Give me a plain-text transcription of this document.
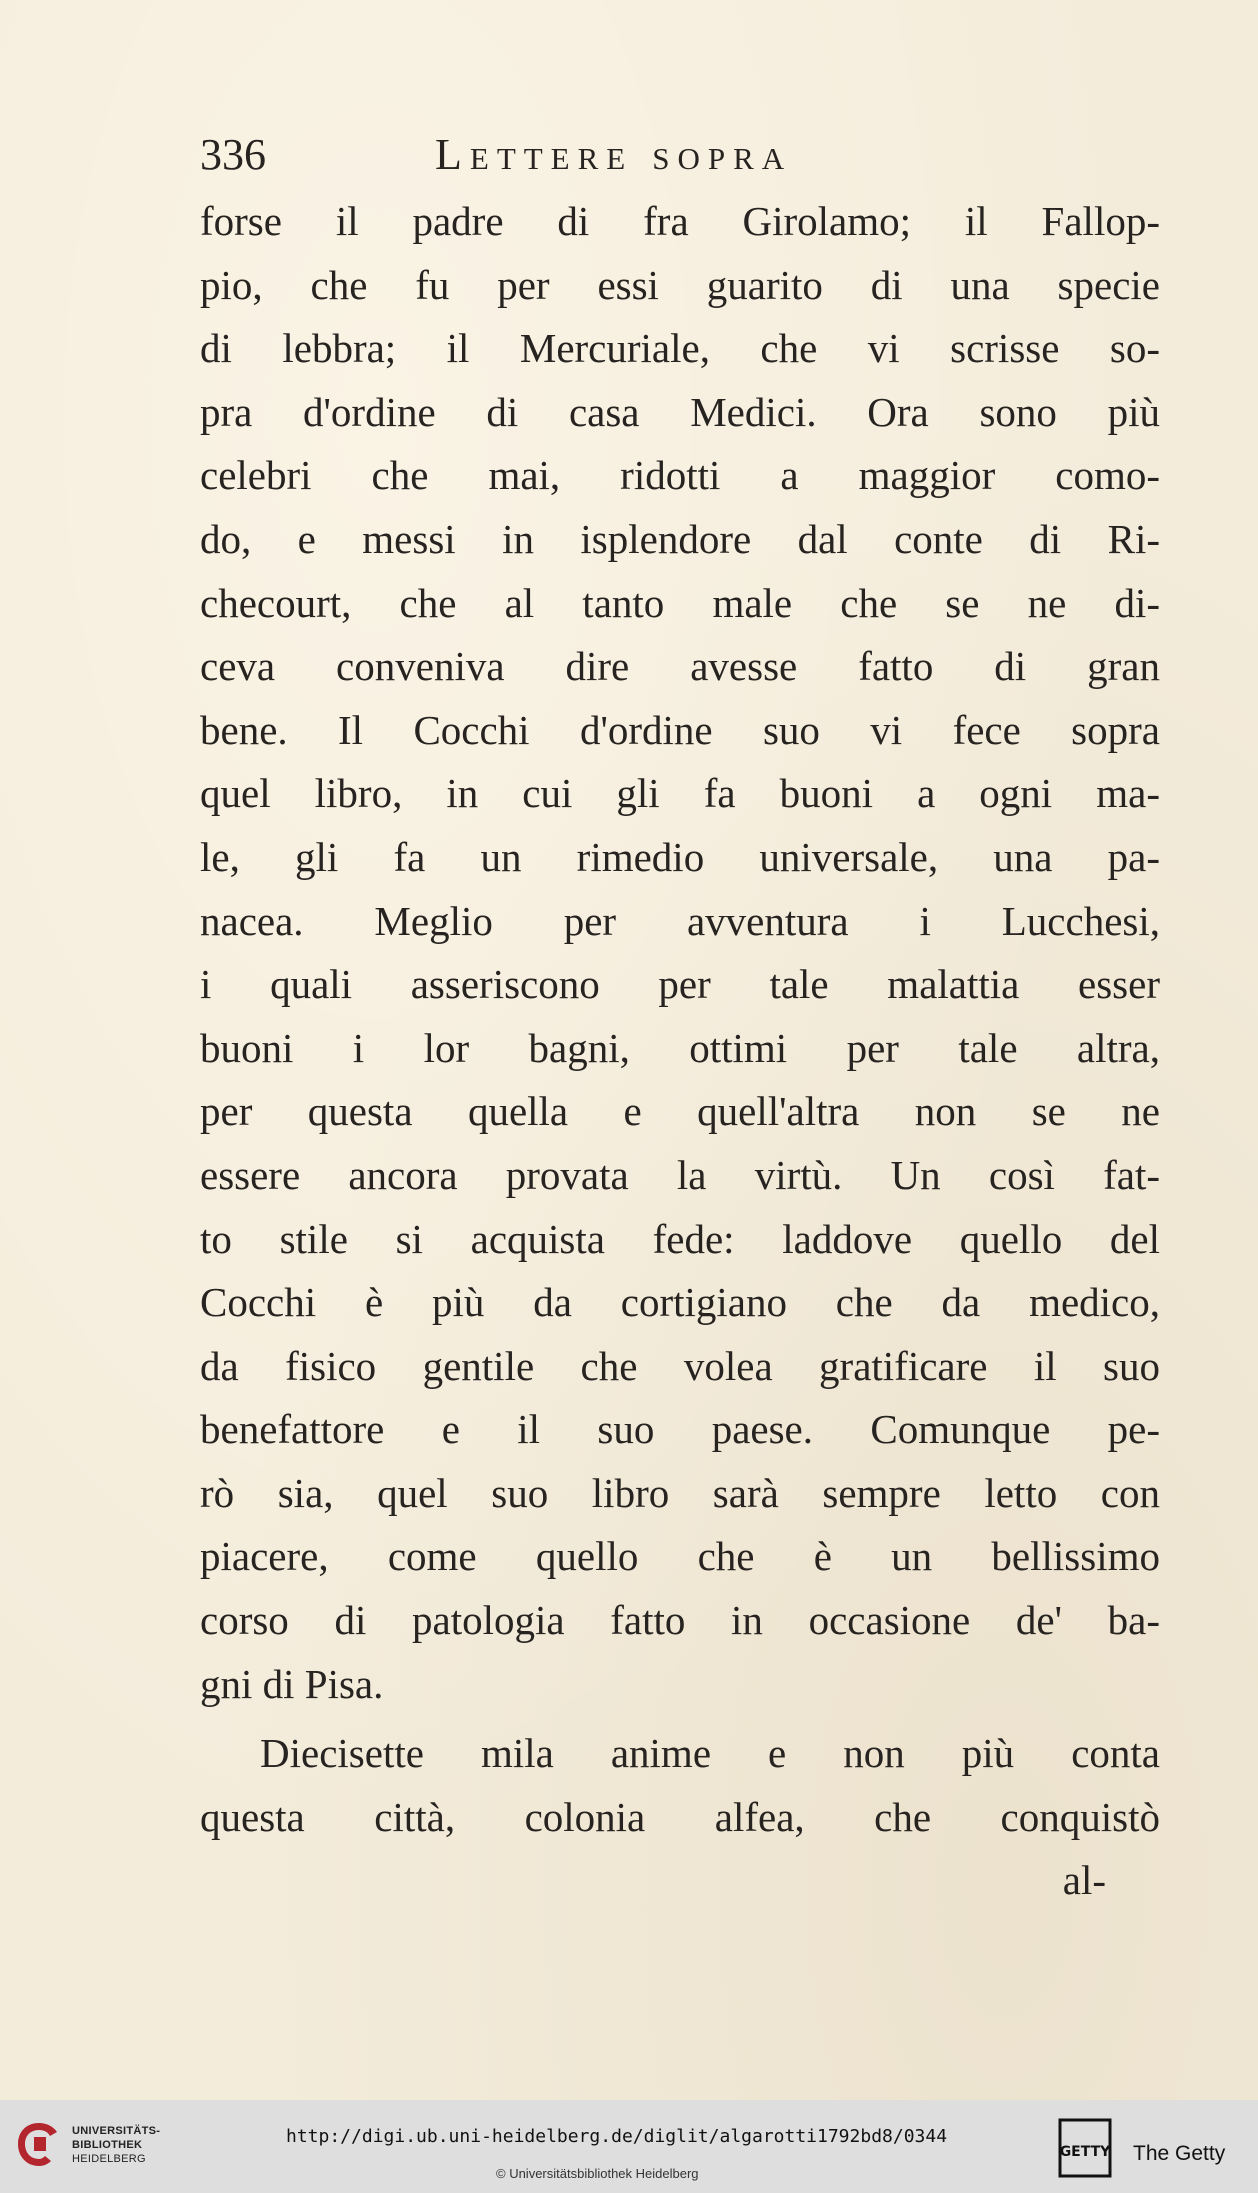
336	Lettere sopra
forse il padre di fra Girolamo; il Fallop-
pio, che fu per essi guarito di una specie
di lebbra; il Mercuriale, che vi scrisse so-
pra d'ordine di casa Medici. Ora sono più
celebri che mai, ridotti a maggior como-
do, e messi in isplendore dal conte di Ri-
checourt, che al tanto male che se ne di-
ceva conveniva dire avesse fatto di gran
bene. Il Cocchi d'ordine suo vi fece sopra
quel libro, in cui gli fa buoni a ogni ma-
le, gli fa un rimedio universale, una pa-
nacea. Meglio per avventura i Lucchesi,
i quali asseriscono per tale malattia esser
buoni i lor bagni, ottimi per tale altra,
per questa quella e quell'altra non se ne
essere ancora provata la virtù. Un così fat-
to stile si acquista fede: laddove quello del
Cocchi è più da cortigiano che da medico,
da fisico gentile che volea gratificare il suo
benefattore e il suo paese. Comunque pe-
rò sia, quel suo libro sarà sempre letto con
piacere, come quello che è un bellissimo
corso di patologia fatto in occasione de' ba-
gni di Pisa.
Diecisette mila anime e non più conta
questa città, colonia alfea, che conquistò
al-
UNIVERSITÄTS-
BIBLIOTHEK
HEIDELBERG
http://digi.ub.uni-heidelberg.de/diglit/algarotti1792bd8/0344
© Universitätsbibliothek Heidelberg
GETTY The Getty
